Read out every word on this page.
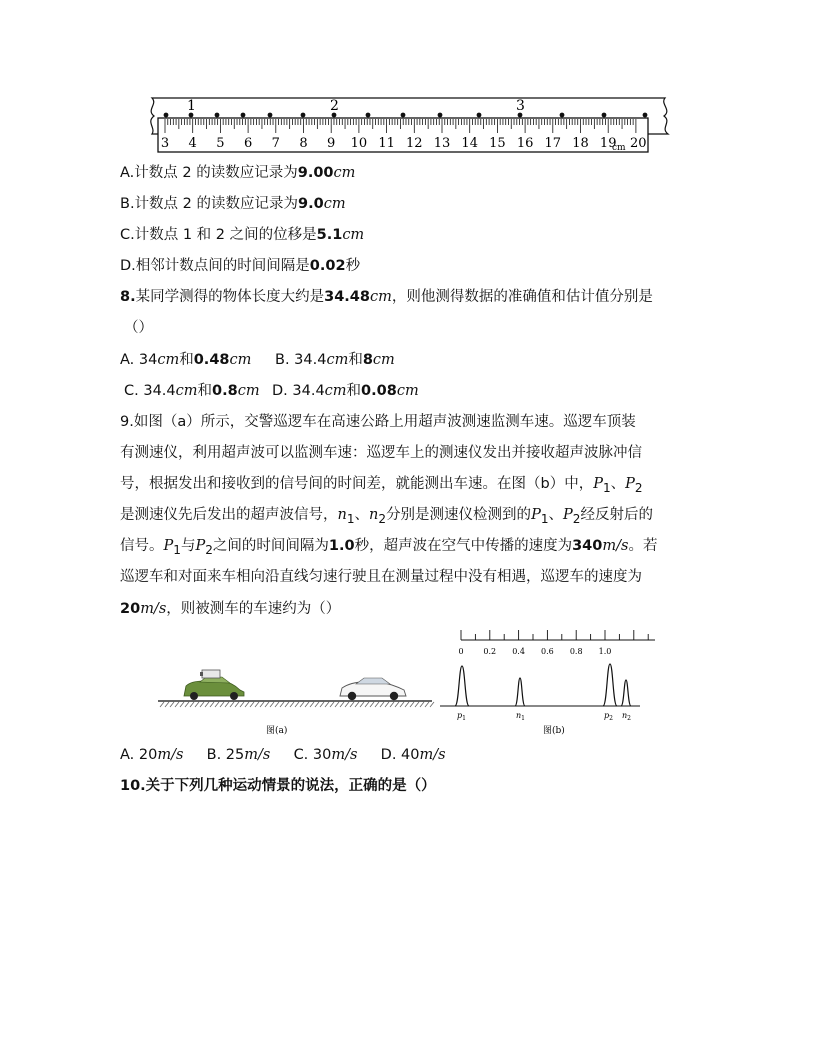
1	2	3
3 4 5 6 7 8 9 10 11 12 13 14 15 16 17 18 19 20
cm
A.计数点 2 的读数应记录为9.00cm
B.计数点 2 的读数应记录为9.0cm
C.计数点 1 和 2 之间的位移是5.1cm
D.相邻计数点间的时间间隔是0.02秒
8.某同学测得的物体长度大约是34.48cm，则他测得数据的准确值和估计值分别是
（）
A. 34cm和0.48cm B. 34.4cm和8cm
C. 34.4cm和0.8cm D. 34.4cm和0.08cm
9.如图（a）所示，交警巡逻车在高速公路上用超声波测速监测车速。巡逻车顶装
有测速仪，利用超声波可以监测车速：巡逻车上的测速仪发出并接收超声波脉冲信
号，根据发出和接收到的信号间的时间差，就能测出车速。在图（b）中，$P_1$、$P_2$
是测速仪先后发出的超声波信号，$n_1$、$n_2$分别是测速仪检测到的$P_1$、$P_2$经反射后的
信号。$P_1$与$P_2$之间的时间间隔为1.0秒，超声波在空气中传播的速度为340m/s。若
巡逻车和对面来车相向沿直线匀速行驶且在测量过程中没有相遇，巡逻车的速度为
20m/s，则被测车的车速约为（）
图(a)
0 0.2 0.4 0.6 0.8 1.0
$p_1$	$n_1$	$p_2$ $n_2$
图(b)
A. 20m/s B. 25m/s C. 30m/s D. 40m/s
10.关于下列几种运动情景的说法，正确的是（）
